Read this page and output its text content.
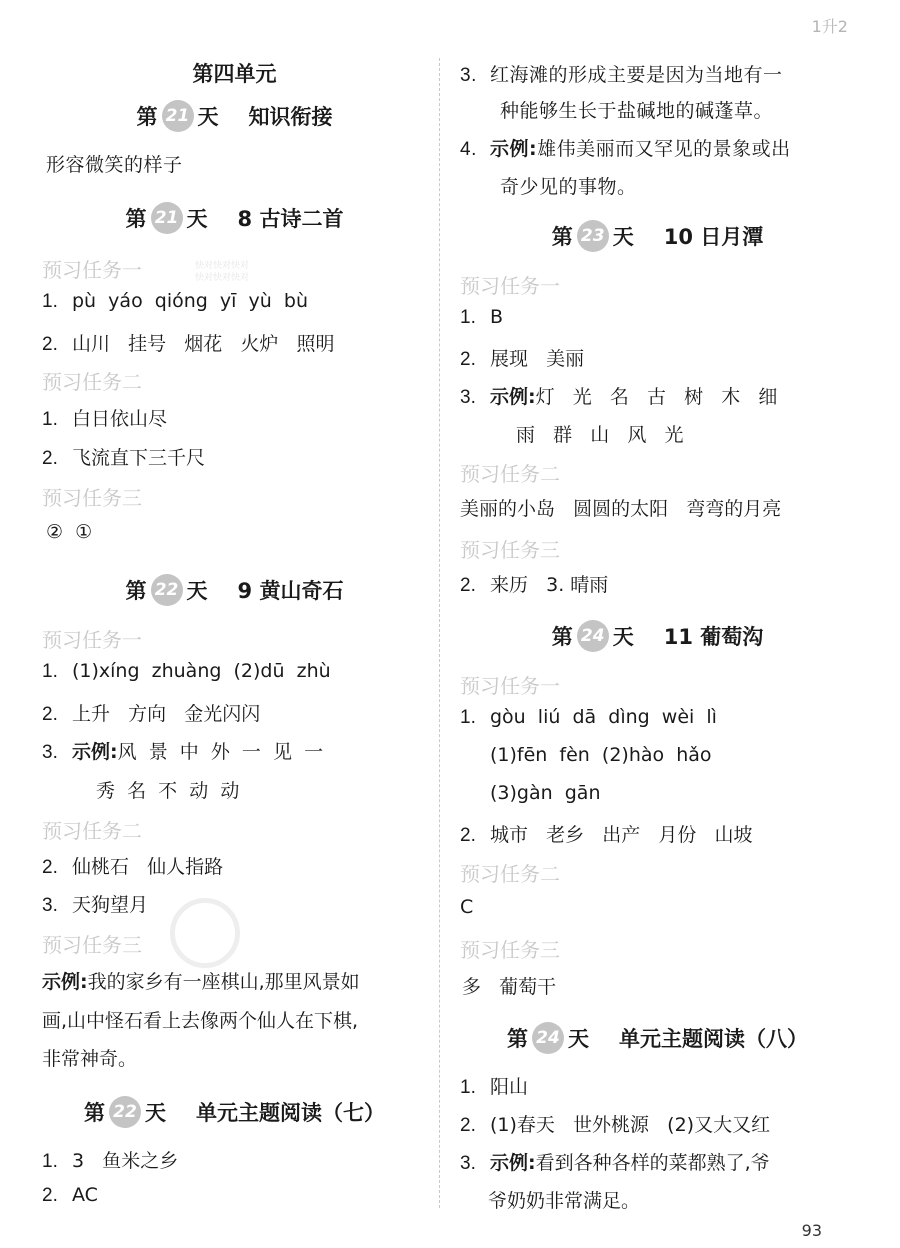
1升2
第四单元
第 21 天 知识衔接
形容微笑的样子
第 21 天 8 古诗二首
快对快对快对
快对快对快对
预习任务一
1. pù  yáo  qióng  yī  yù  bù
2. 山川   挂号   烟花   火炉   照明
预习任务二
1. 白日依山尽
2. 飞流直下三千尺
预习任务三
②  ①
第 22 天 9 黄山奇石
预习任务一
1. (1)xíng  zhuàng  (2)dū  zhù
2. 上升   方向   金光闪闪
3. 示例:风  景  中  外  一  见  一
秀  名  不  动  动
预习任务二
2. 仙桃石   仙人指路
3. 天狗望月
预习任务三
示例:我的家乡有一座棋山,那里风景如
画,山中怪石看上去像两个仙人在下棋,
非常神奇。
第 22 天 单元主题阅读（七）
1. 3   鱼米之乡
2. AC
3. 红海滩的形成主要是因为当地有一
种能够生长于盐碱地的碱蓬草。
4. 示例:雄伟美丽而又罕见的景象或出
奇少见的事物。
第 23 天 10 日月潭
预习任务一
1. B
2. 展现   美丽
3. 示例:灯   光   名   古   树   木   细
雨   群   山   风   光
预习任务二
美丽的小岛   圆圆的太阳   弯弯的月亮
预习任务三
2. 来历   3. 晴雨
第 24 天 11 葡萄沟
预习任务一
1. gòu  liú  dā  dìng  wèi  lì
(1)fēn  fèn  (2)hào  hǎo
(3)gàn  gān
2. 城市   老乡   出产   月份   山坡
预习任务二
C
预习任务三
多   葡萄干
第 24 天 单元主题阅读（八）
1. 阳山
2. (1)春天   世外桃源   (2)又大又红
3. 示例:看到各种各样的菜都熟了,爷
爷奶奶非常满足。
93
